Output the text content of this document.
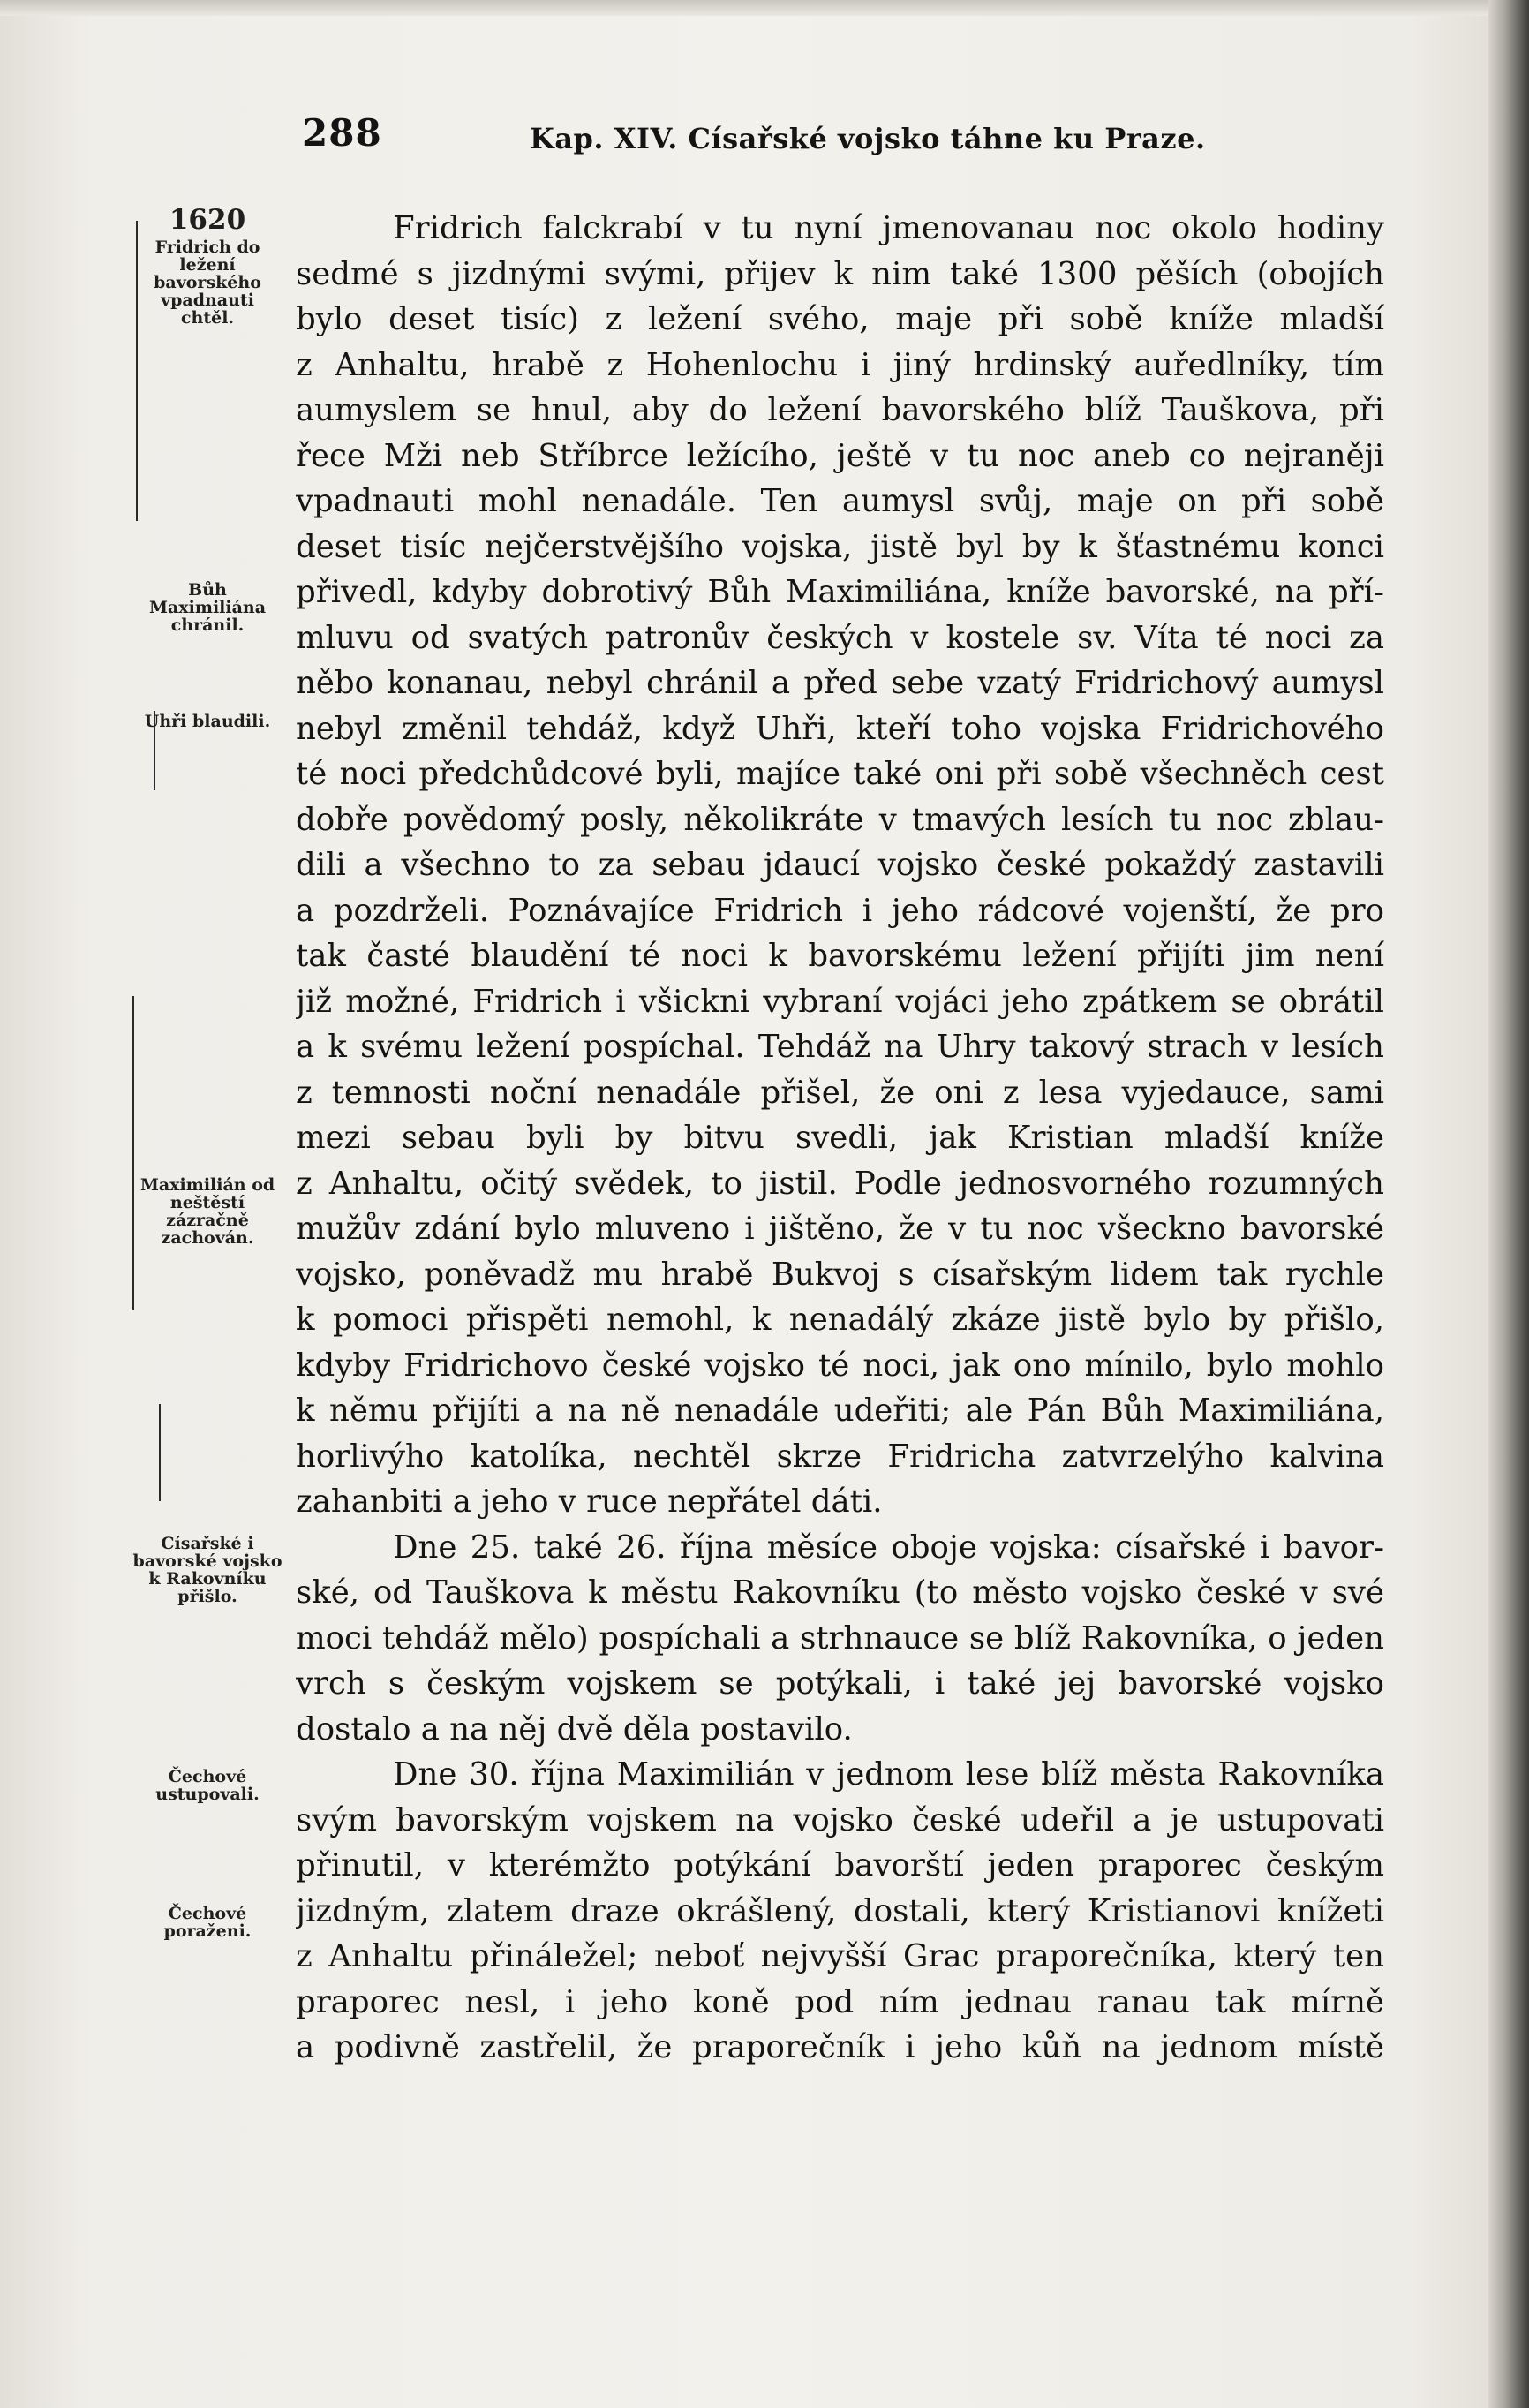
288	Kap. XIV. Císařské vojsko táhne ku Praze.
1620
Fridrich do ležení bavorského vpadnauti chtěl.
Bůh Maximiliána chránil.
Uhři blaudili.
Maximilián od neštěstí zázračně zachován.
Císařské i bavorské vojsko k Rakovníku přišlo.
Čechové ustupovali.
Čechové poraženi.
Fridrich falckrabí v tu nyní jmenovanau noc okolo hodiny
sedmé s jizdnými svými, přijev k nim také 1300 pěších (obojích
bylo deset tisíc) z ležení svého, maje při sobě kníže mladší
z Anhaltu, hrabě z Hohenlochu i jiný hrdinský auředlníky, tím
aumyslem se hnul, aby do ležení bavorského blíž Tauškova, při
řece Mži neb Stříbrce ležícího, ještě v tu noc aneb co nejraněji
vpadnauti mohl nenadále. Ten aumysl svůj, maje on při sobě
deset tisíc nejčerstvějšího vojska, jistě byl by k šťastnému konci
přivedl, kdyby dobrotivý Bůh Maximiliána, kníže bavorské, na pří-
mluvu od svatých patronův českých v kostele sv. Víta té noci za
něbo konanau, nebyl chránil a před sebe vzatý Fridrichový aumysl
nebyl změnil tehdáž, když Uhři, kteří toho vojska Fridrichového
té noci předchůdcové byli, majíce také oni při sobě všechněch cest
dobře povědomý posly, několikráte v tmavých lesích tu noc zblau-
dili a všechno to za sebau jdaucí vojsko české pokaždý zastavili
a pozdrželi. Poznávajíce Fridrich i jeho rádcové vojenští, že pro
tak časté blaudění té noci k bavorskému ležení přijíti jim není
již možné, Fridrich i všickni vybraní vojáci jeho zpátkem se obrátil
a k svému ležení pospíchal. Tehdáž na Uhry takový strach v lesích
z temnosti noční nenadále přišel, že oni z lesa vyjedauce, sami
mezi sebau byli by bitvu svedli, jak Kristian mladší kníže
z Anhaltu, očitý svědek, to jistil. Podle jednosvorného rozumných
mužův zdání bylo mluveno i jištěno, že v tu noc všeckno bavorské
vojsko, poněvadž mu hrabě Bukvoj s císařským lidem tak rychle
k pomoci přispěti nemohl, k nenadálý zkáze jistě bylo by přišlo,
kdyby Fridrichovo české vojsko té noci, jak ono mínilo, bylo mohlo
k němu přijíti a na ně nenadále udeřiti; ale Pán Bůh Maximiliána,
horlivýho katolíka, nechtěl skrze Fridricha zatvrzelýho kalvina
zahanbiti a jeho v ruce nepřátel dáti.
Dne 25. také 26. října měsíce oboje vojska: císařské i bavor-
ské, od Tauškova k městu Rakovníku (to město vojsko české v své
moci tehdáž mělo) pospíchali a strhnauce se blíž Rakovníka, o jeden
vrch s českým vojskem se potýkali, i také jej bavorské vojsko
dostalo a na něj dvě děla postavilo.
Dne 30. října Maximilián v jednom lese blíž města Rakovníka
svým bavorským vojskem na vojsko české udeřil a je ustupovati
přinutil, v kterémžto potýkání bavorští jeden praporec českým
jizdným, zlatem draze okrášlený, dostali, který Kristianovi knížeti
z Anhaltu přináležel; neboť nejvyšší Grac praporečníka, který ten
praporec nesl, i jeho koně pod ním jednau ranau tak mírně
a podivně zastřelil, že praporečník i jeho kůň na jednom místě
